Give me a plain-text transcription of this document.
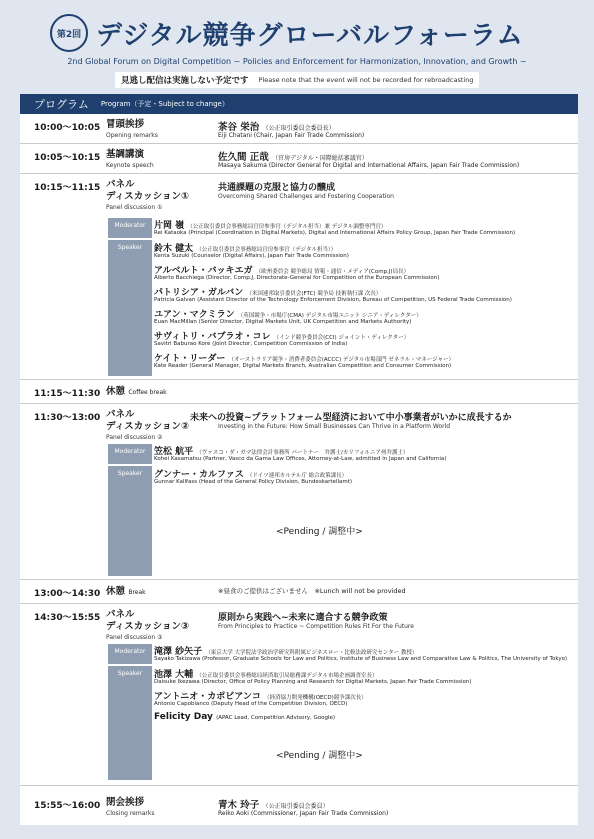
第2回 デジタル競争グローバルフォーラム
2nd Global Forum on Digital Competition ~ Policies and Enforcement for Harmonization, Innovation, and Growth ~
見逃し配信は実施しない予定です Please note that the event will not be recorded for rebroadcasting
プログラム Program（予定・Subject to change）
10:00～10:05 冒頭挨拶
Opening remarks
茶谷 栄治 （公正取引委員会委員長）
Eiji Chatani (Chair, Japan Fair Trade Commission)
10:05～10:15 基調講演
Keynote speech
佐久間 正哉 （官房デジタル・国際総括審議官）
Masaya Sakuma (Director General for Digital and International Affairs, Japan Fair Trade Commission)
10:15～11:15 パネル
ディスカッション①
Panel discussion ①
共通課題の克服と協力の醸成
Overcoming Shared Challenges and Fostering Cooperation
Moderator
Speaker
片岡 嶺 （公正取引委員会事務総局官房参事官（デジタル担当）兼 デジタル調整専門官）
Rei Kataoka (Principal (Coordination in Digital Markets), Digital and International Affairs Policy Group, Japan Fair Trade Commission)
鈴木 健太 （公正取引委員会事務総局官房参事官（デジタル担当））
Kenta Suzuki (Counselor (Digital Affairs), Japan Fair Trade Commission)
アルベルト・バッキエガ （欧州委員会 競争総局 情報・通信・メディア(Comp.J)局長）
Alberto Bacchiega (Director, Comp.J, Directorate-General for Competition of the European Commission)
パトリシア・ガルバン （米国連邦取引委員会(FTC) 競争局 技術執行課 次長）
Patricia Galvan (Assistant Director of the Technology Enforcement Division, Bureau of Competition, US Federal Trade Commission)
ユアン・マクミラン （英国競争・市場庁(CMA) デジタル市場ユニット シニア・ディレクター）
Euan MacMillan (Senior Director, Digital Markets Unit, UK Competition and Markets Authority)
サヴィトリ・バブラオ・コレ （インド競争委員会(CCI) ジョイント・ディレクター）
Savitri Baburao Kore (Joint Director, Competition Commission of India)
ケイト・リーダー （オーストラリア競争・消費者委員会(ACCC) デジタル市場部門 ゼネラル・マネージャー）
Kate Reader (General Manager, Digital Markets Branch, Australian Competition and Consumer Commission)
11:15～11:30 休憩 Coffee break
11:30～13:00 パネル
ディスカッション②
Panel discussion ②
未来への投資~プラットフォーム型経済において中小事業者がいかに成長するか
Investing in the Future: How Small Businesses Can Thrive in a Platform World
Moderator
Speaker
笠松 航平 （ヴァスコ・ダ・ガマ法律会計事務所 パートナー　弁護士/カリフォルニア州弁護士）
Kohei Kasamatsu (Partner, Vasco da Gama Law Offices, Attorney-at-Law, admitted in Japan and California)
グンナー・カルファス （ドイツ連邦カルテル庁 総合政策課長）
Gunnar Kallfass (Head of the General Policy Division, Bundeskartellamt)
<Pending / 調整中>
13:00～14:30 休憩 Break	※昼食のご提供はございません　※Lunch will not be provided
14:30～15:55 パネル
ディスカッション③
Panel discussion ③
原則から実践へ~未来に適合する競争政策
From Principles to Practice ~ Competition Rules Fit For the Future
Moderator
Speaker
滝澤 紗矢子 （東京大学 大学院法学政治学研究科附属ビジネスロー・比較法政研究センター 教授）
Sayako Takizawa (Professor, Graduate Schools for Law and Politics, Institute of Business Law and Comparative Law & Politics, The University of Tokyo)
池澤 大輔 （公正取引委員会事務総局経済取引局総務課デジタル市場企画調査室長）
Daisuke Ikezawa (Director, Office of Policy Planning and Research for Digital Markets, Japan Fair Trade Commission)
アントニオ・カポビアンコ （経済協力開発機構(OECD)競争課次長）
Antonio Capobianco (Deputy Head of the Competition Division, OECD)
Felicity Day (APAC Lead, Competition Advisory, Google)
<Pending / 調整中>
15:55～16:00 閉会挨拶
Closing remarks
青木 玲子 （公正取引委員会委員）
Reiko Aoki (Commissioner, Japan Fair Trade Commission)
